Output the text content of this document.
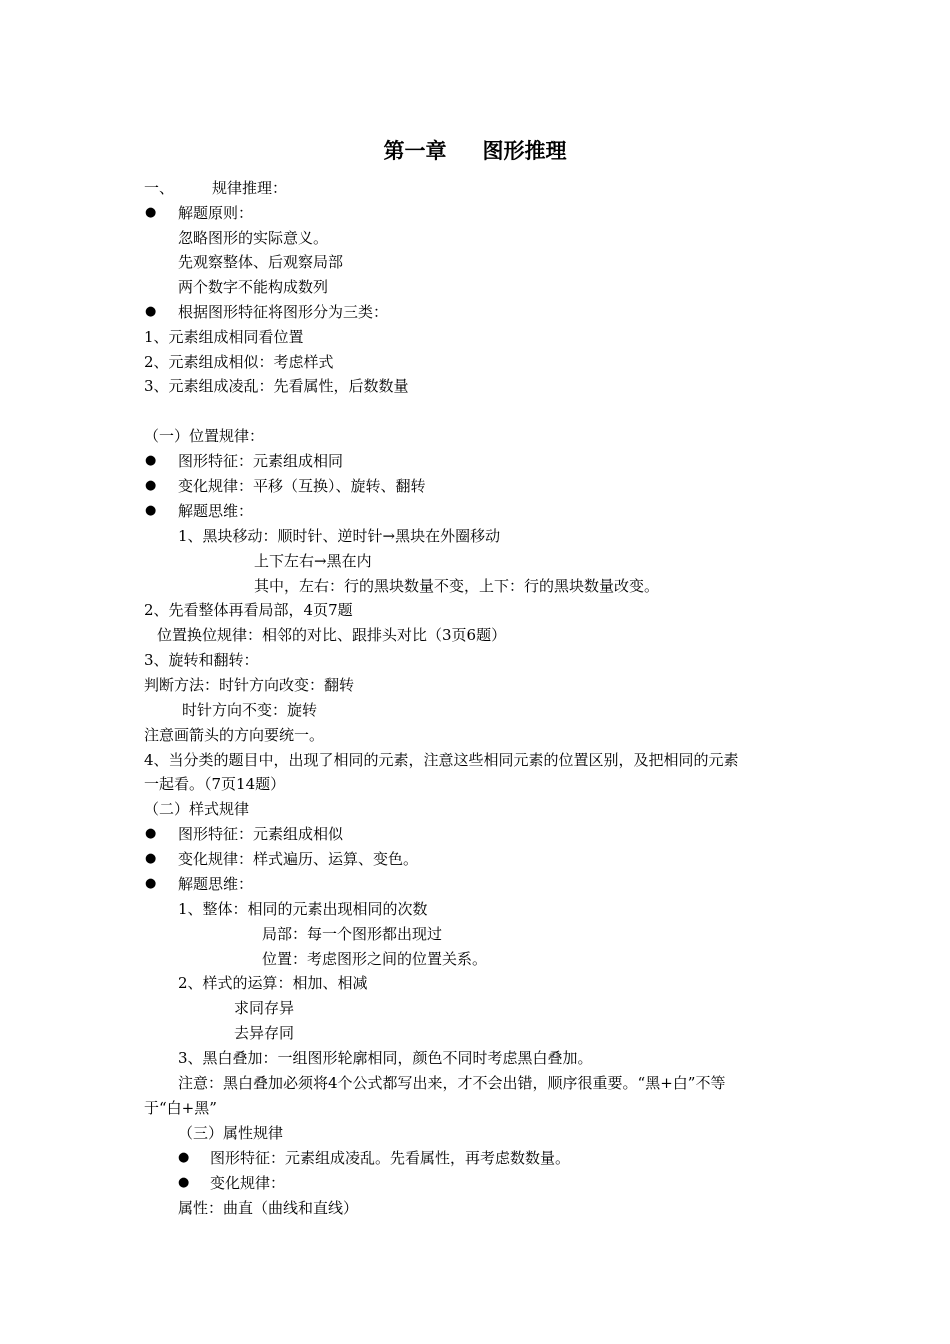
第一章 图形推理
一、	规律推理：
● 解题原则：
忽略图形的实际意义。
先观察整体、后观察局部
两个数字不能构成数列
● 根据图形特征将图形分为三类：
1、元素组成相同看位置
2、元素组成相似：考虑样式
3、元素组成凌乱：先看属性，后数数量
（一）位置规律：
● 图形特征：元素组成相同
● 变化规律：平移（互换）、旋转、翻转
● 解题思维：
1、黑块移动：顺时针、逆时针→黑块在外圈移动
上下左右→黑在内
其中，左右：行的黑块数量不变，上下：行的黑块数量改变。
2、先看整体再看局部，4页7题
位置换位规律：相邻的对比、跟排头对比（3页6题）
3、旋转和翻转：
判断方法：时针方向改变：翻转
时针方向不变：旋转
注意画箭头的方向要统一。
4、当分类的题目中，出现了相同的元素，注意这些相同元素的位置区别，及把相同的元素
一起看。（7页14题）
（二）样式规律
● 图形特征：元素组成相似
● 变化规律：样式遍历、运算、变色。
● 解题思维：
1、整体：相同的元素出现相同的次数
局部：每一个图形都出现过
位置：考虑图形之间的位置关系。
2、样式的运算：相加、相减
求同存异
去异存同
3、黑白叠加：一组图形轮廓相同，颜色不同时考虑黑白叠加。
注意：黑白叠加必须将4个公式都写出来，才不会出错，顺序很重要。“黑+白”不等
于“白+黑”
（三）属性规律
● 图形特征：元素组成凌乱。先看属性，再考虑数数量。
● 变化规律：
属性：曲直（曲线和直线）
